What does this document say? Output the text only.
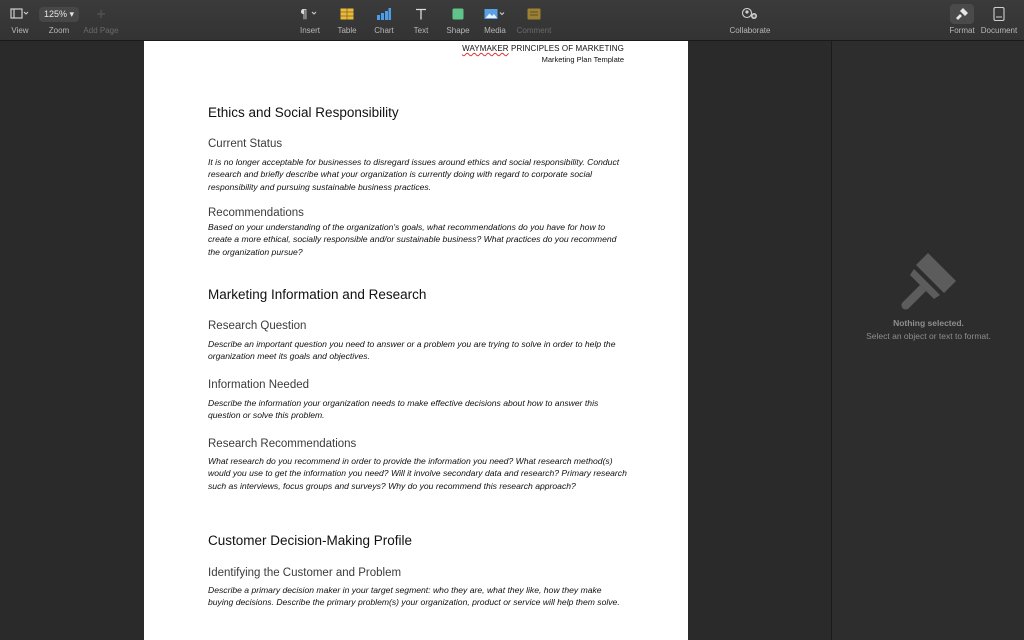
View
125% ▾
Zoom Add Page
¶
Insert Table Chart Text Shape Media Comment	Collaborate	Format Document
WAYMAKER PRINCIPLES OF MARKETING
Marketing Plan Template
Ethics and Social Responsibility
Current Status
It is no longer acceptable for businesses to disregard issues around ethics and social responsibility. Conduct research and briefly describe what your organization is currently doing with regard to corporate social responsibility and pursuing sustainable business practices.
Recommendations
Based on your understanding of the organization's goals, what recommendations do you have for how to create a more ethical, socially responsible and/or sustainable business? What practices do you recommend the organization pursue?
Marketing Information and Research
Research Question
Describe an important question you need to answer or a problem you are trying to solve in order to help the organization meet its goals and objectives.
Information Needed
Describe the information your organization needs to make effective decisions about how to answer this question or solve this problem.
Research Recommendations
What research do you recommend in order to provide the information you need? What research method(s) would you use to get the information you need? Will it involve secondary data and research? Primary research such as interviews, focus groups and surveys? Why do you recommend this research approach?
Customer Decision-Making Profile
Identifying the Customer and Problem
Describe a primary decision maker in your target segment: who they are, what they like, how they make buying decisions. Describe the primary problem(s) your organization, product or service will help them solve.
Nothing selected.
Select an object or text to format.
